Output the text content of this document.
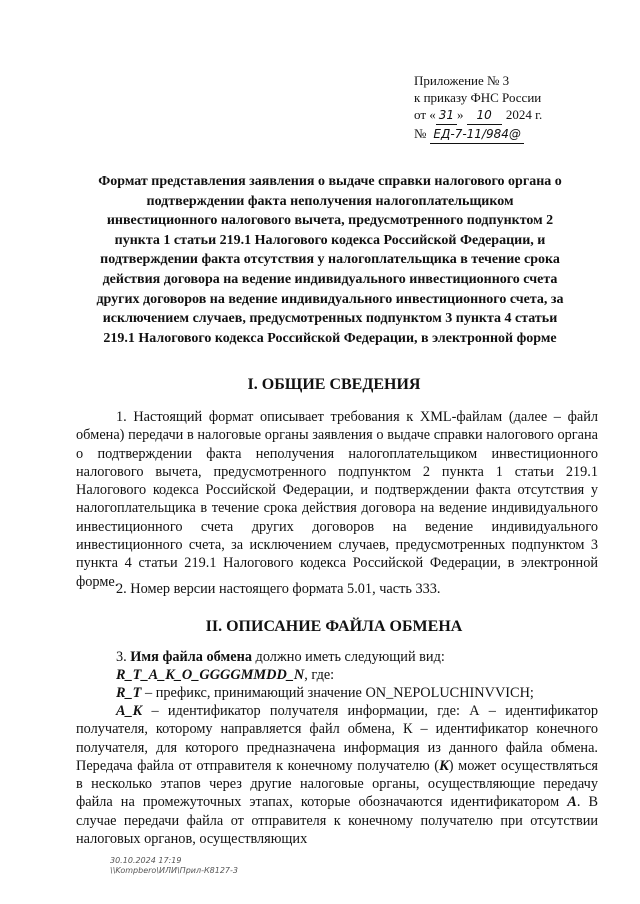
Приложение № 3
к приказу ФНС России
от « 31 »	10	2024 г.
№ ЕД-7-11/984@
Формат представления заявления о выдаче справки налогового органа о подтверждении факта неполучения налогоплательщиком инвестиционного налогового вычета, предусмотренного подпунктом 2 пункта 1 статьи 219.1 Налогового кодекса Российской Федерации, и подтверждении факта отсутствия у налогоплательщика в течение срока действия договора на ведение индивидуального инвестиционного счета других договоров на ведение индивидуального инвестиционного счета, за исключением случаев, предусмотренных подпунктом 3 пункта 4 статьи 219.1 Налогового кодекса Российской Федерации, в электронной форме
I. ОБЩИЕ СВЕДЕНИЯ
1. Настоящий формат описывает требования к XML-файлам (далее – файл обмена) передачи в налоговые органы заявления о выдаче справки налогового органа о подтверждении факта неполучения налогоплательщиком инвестиционного налогового вычета, предусмотренного подпунктом 2 пункта 1 статьи 219.1 Налогового кодекса Российской Федерации, и подтверждении факта отсутствия у налогоплательщика в течение срока действия договора на ведение индивидуального инвестиционного счета других договоров на ведение индивидуального инвестиционного счета, за исключением случаев, предусмотренных подпунктом 3 пункта 4 статьи 219.1 Налогового кодекса Российской Федерации, в электронной форме.
2. Номер версии настоящего формата 5.01, часть 333.
II. ОПИСАНИЕ ФАЙЛА ОБМЕНА
3. Имя файла обмена должно иметь следующий вид:
R_T_A_K_O_GGGGMMDD_N, где:
R_T – префикс, принимающий значение ON_NEPOLUCHINVVICH;
A_K – идентификатор получателя информации, где: А – идентификатор получателя, которому направляется файл обмена, К – идентификатор конечного получателя, для которого предназначена информация из данного файла обмена. Передача файла от отправителя к конечному получателю (К) может осуществляться в несколько этапов через другие налоговые органы, осуществляющие передачу файла на промежуточных этапах, которые обозначаются идентификатором А. В случае передачи файла от отправителя к конечному получателю при отсутствии налоговых органов, осуществляющих
30.10.2024 17:19
\\Kompbero\ИЛИ\Прил-К8127-3
